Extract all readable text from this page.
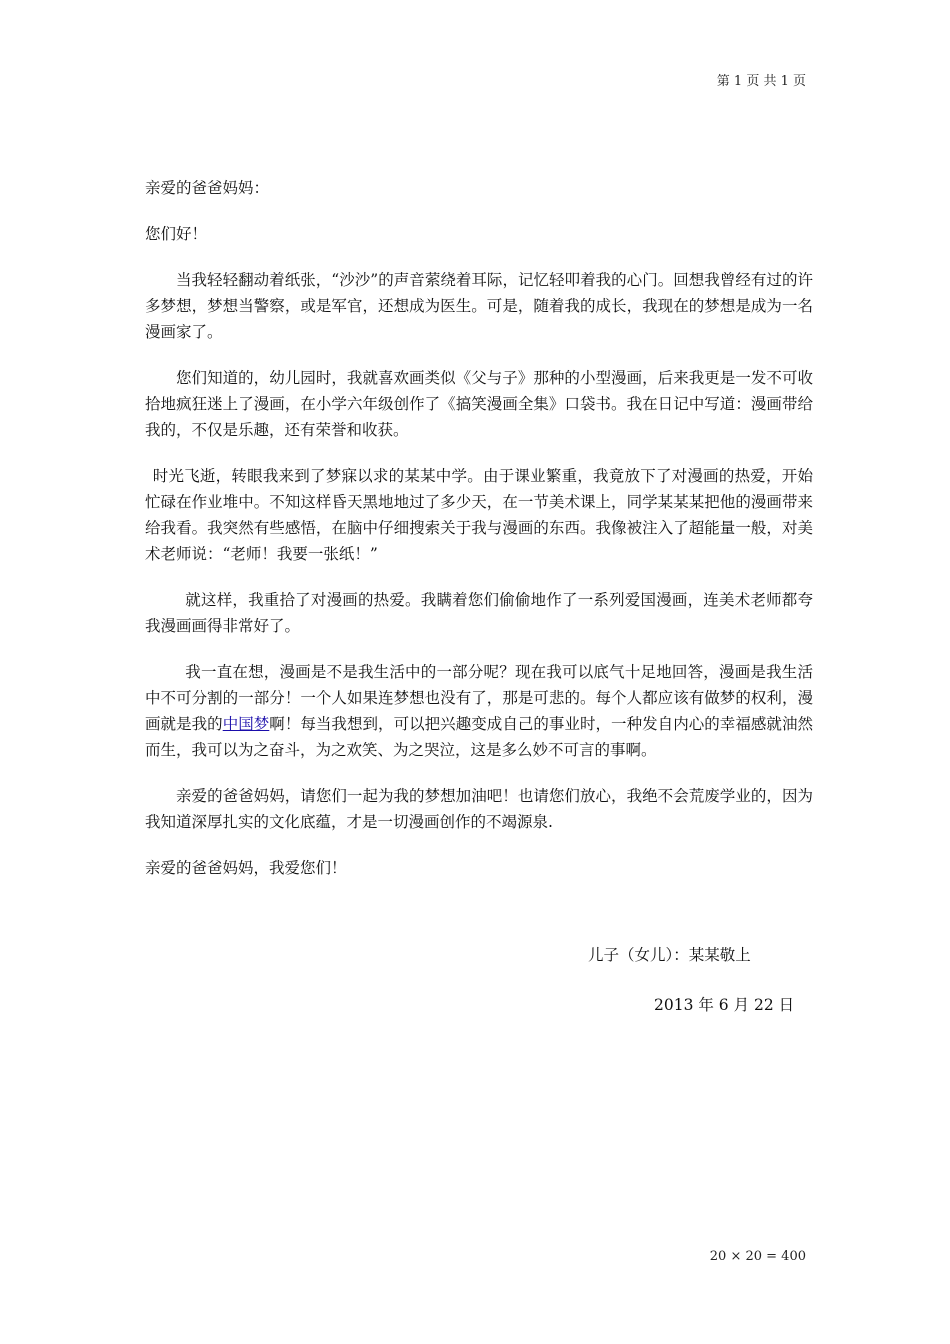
第 1 页 共 1 页

亲爱的爸爸妈妈：

您们好！

当我轻轻翻动着纸张，“沙沙”的声音萦绕着耳际，记忆轻叩着我的心门。回想我曾经有过的许多梦想，梦想当警察，或是军官，还想成为医生。可是，随着我的成长，我现在的梦想是成为一名漫画家了。

您们知道的，幼儿园时，我就喜欢画类似《父与子》那种的小型漫画，后来我更是一发不可收拾地疯狂迷上了漫画，在小学六年级创作了《搞笑漫画全集》口袋书。我在日记中写道：漫画带给我的，不仅是乐趣，还有荣誉和收获。

时光飞逝，转眼我来到了梦寐以求的某某中学。由于课业繁重，我竟放下了对漫画的热爱，开始忙碌在作业堆中。不知这样昏天黑地地过了多少天，在一节美术课上，同学某某某把他的漫画带来给我看。我突然有些感悟，在脑中仔细搜索关于我与漫画的东西。我像被注入了超能量一般，对美术老师说：“老师！我要一张纸！”

就这样，我重拾了对漫画的热爱。我瞒着您们偷偷地作了一系列爱国漫画，连美术老师都夸我漫画画得非常好了。

我一直在想，漫画是不是我生活中的一部分呢？现在我可以底气十足地回答，漫画是我生活中不可分割的一部分！一个人如果连梦想也没有了，那是可悲的。每个人都应该有做梦的权利，漫画就是我的中国梦啊！每当我想到，可以把兴趣变成自己的事业时，一种发自内心的幸福感就油然而生，我可以为之奋斗，为之欢笑、为之哭泣，这是多么妙不可言的事啊。

亲爱的爸爸妈妈，请您们一起为我的梦想加油吧！也请您们放心，我绝不会荒废学业的，因为我知道深厚扎实的文化底蕴，才是一切漫画创作的不竭源泉.

亲爱的爸爸妈妈，我爱您们！

儿子（女儿）：某某敬上
2013 年 6 月 22 日
20 × 20 = 400
